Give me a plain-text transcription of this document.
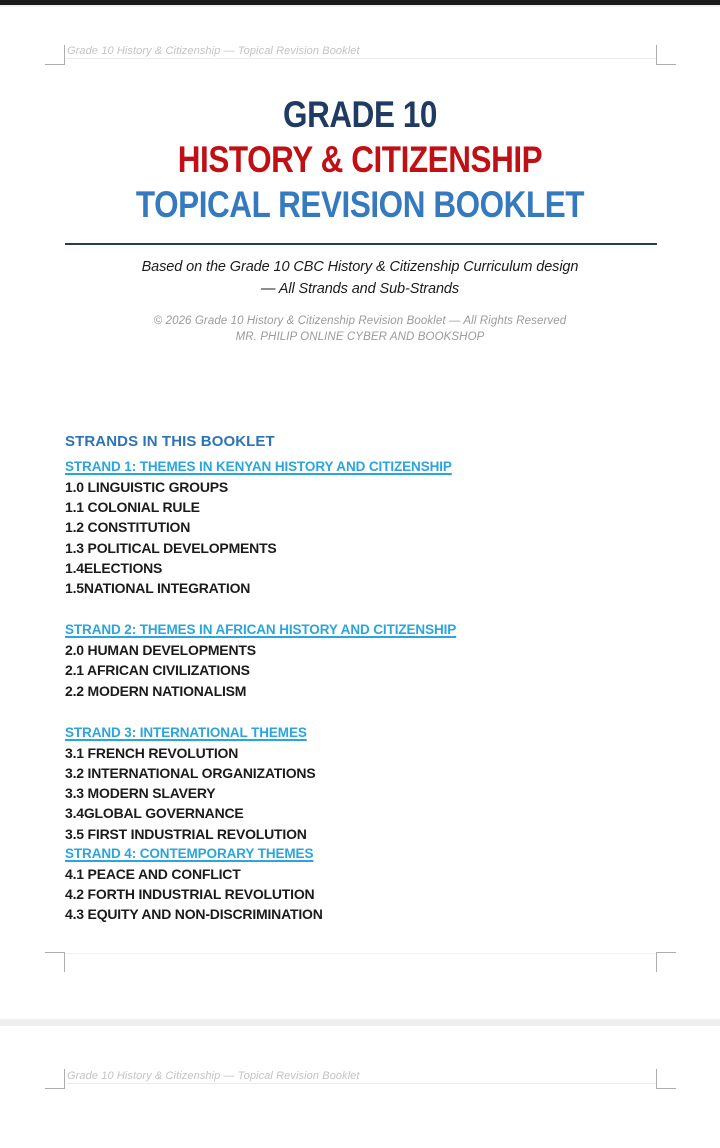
Grade 10 History & Citizenship — Topical Revision Booklet
GRADE 10
HISTORY & CITIZENSHIP
TOPICAL REVISION BOOKLET
Based on the Grade 10 CBC History & Citizenship Curriculum design
— All Strands and Sub-Strands
© 2026 Grade 10 History & Citizenship Revision Booklet — All Rights Reserved
MR. PHILIP ONLINE CYBER AND BOOKSHOP
STRANDS IN THIS BOOKLET
STRAND 1: THEMES IN KENYAN HISTORY AND CITIZENSHIP
1.0 LINGUISTIC GROUPS
1.1 COLONIAL RULE
1.2 CONSTITUTION
1.3 POLITICAL DEVELOPMENTS
1.4ELECTIONS
1.5NATIONAL INTEGRATION
STRAND 2: THEMES IN AFRICAN HISTORY AND CITIZENSHIP
2.0 HUMAN DEVELOPMENTS
2.1 AFRICAN CIVILIZATIONS
2.2 MODERN NATIONALISM
STRAND 3: INTERNATIONAL THEMES
3.1 FRENCH REVOLUTION
3.2 INTERNATIONAL ORGANIZATIONS
3.3 MODERN SLAVERY
3.4GLOBAL GOVERNANCE
3.5 FIRST INDUSTRIAL REVOLUTION
STRAND 4: CONTEMPORARY THEMES
4.1 PEACE AND CONFLICT
4.2 FORTH INDUSTRIAL REVOLUTION
4.3 EQUITY AND NON-DISCRIMINATION
Grade 10 History & Citizenship — Topical Revision Booklet
